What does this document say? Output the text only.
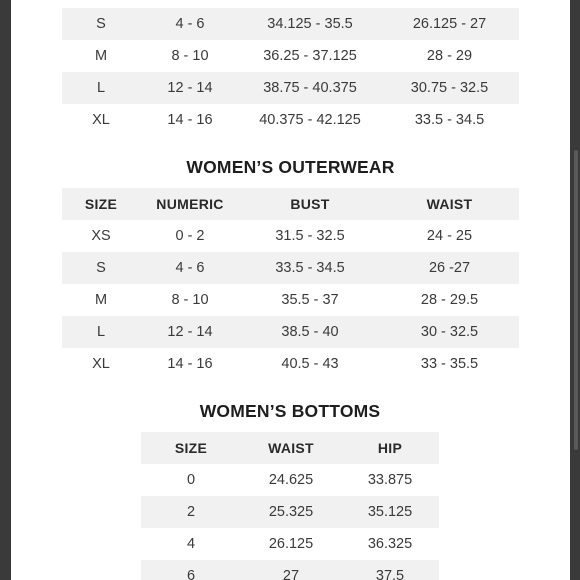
S	4 - 6	34.125 - 35.5	26.125 - 27
M	8 - 10	36.25 - 37.125	28 - 29
L	12 - 14	38.75 - 40.375	30.75 - 32.5
XL	14 - 16	40.375 - 42.125	33.5 - 34.5
WOMEN’S OUTERWEAR
SIZE	NUMERIC	BUST	WAIST
XS	0 - 2	31.5 - 32.5	24 - 25
S	4 - 6	33.5 - 34.5	26 -27
M	8 - 10	35.5 - 37	28 - 29.5
L	12 - 14	38.5 - 40	30 - 32.5
XL	14 - 16	40.5 - 43	33 - 35.5
WOMEN’S BOTTOMS
SIZE	WAIST	HIP
0	24.625	33.875
2	25.325	35.125
4	26.125	36.325
6	27	37.5
